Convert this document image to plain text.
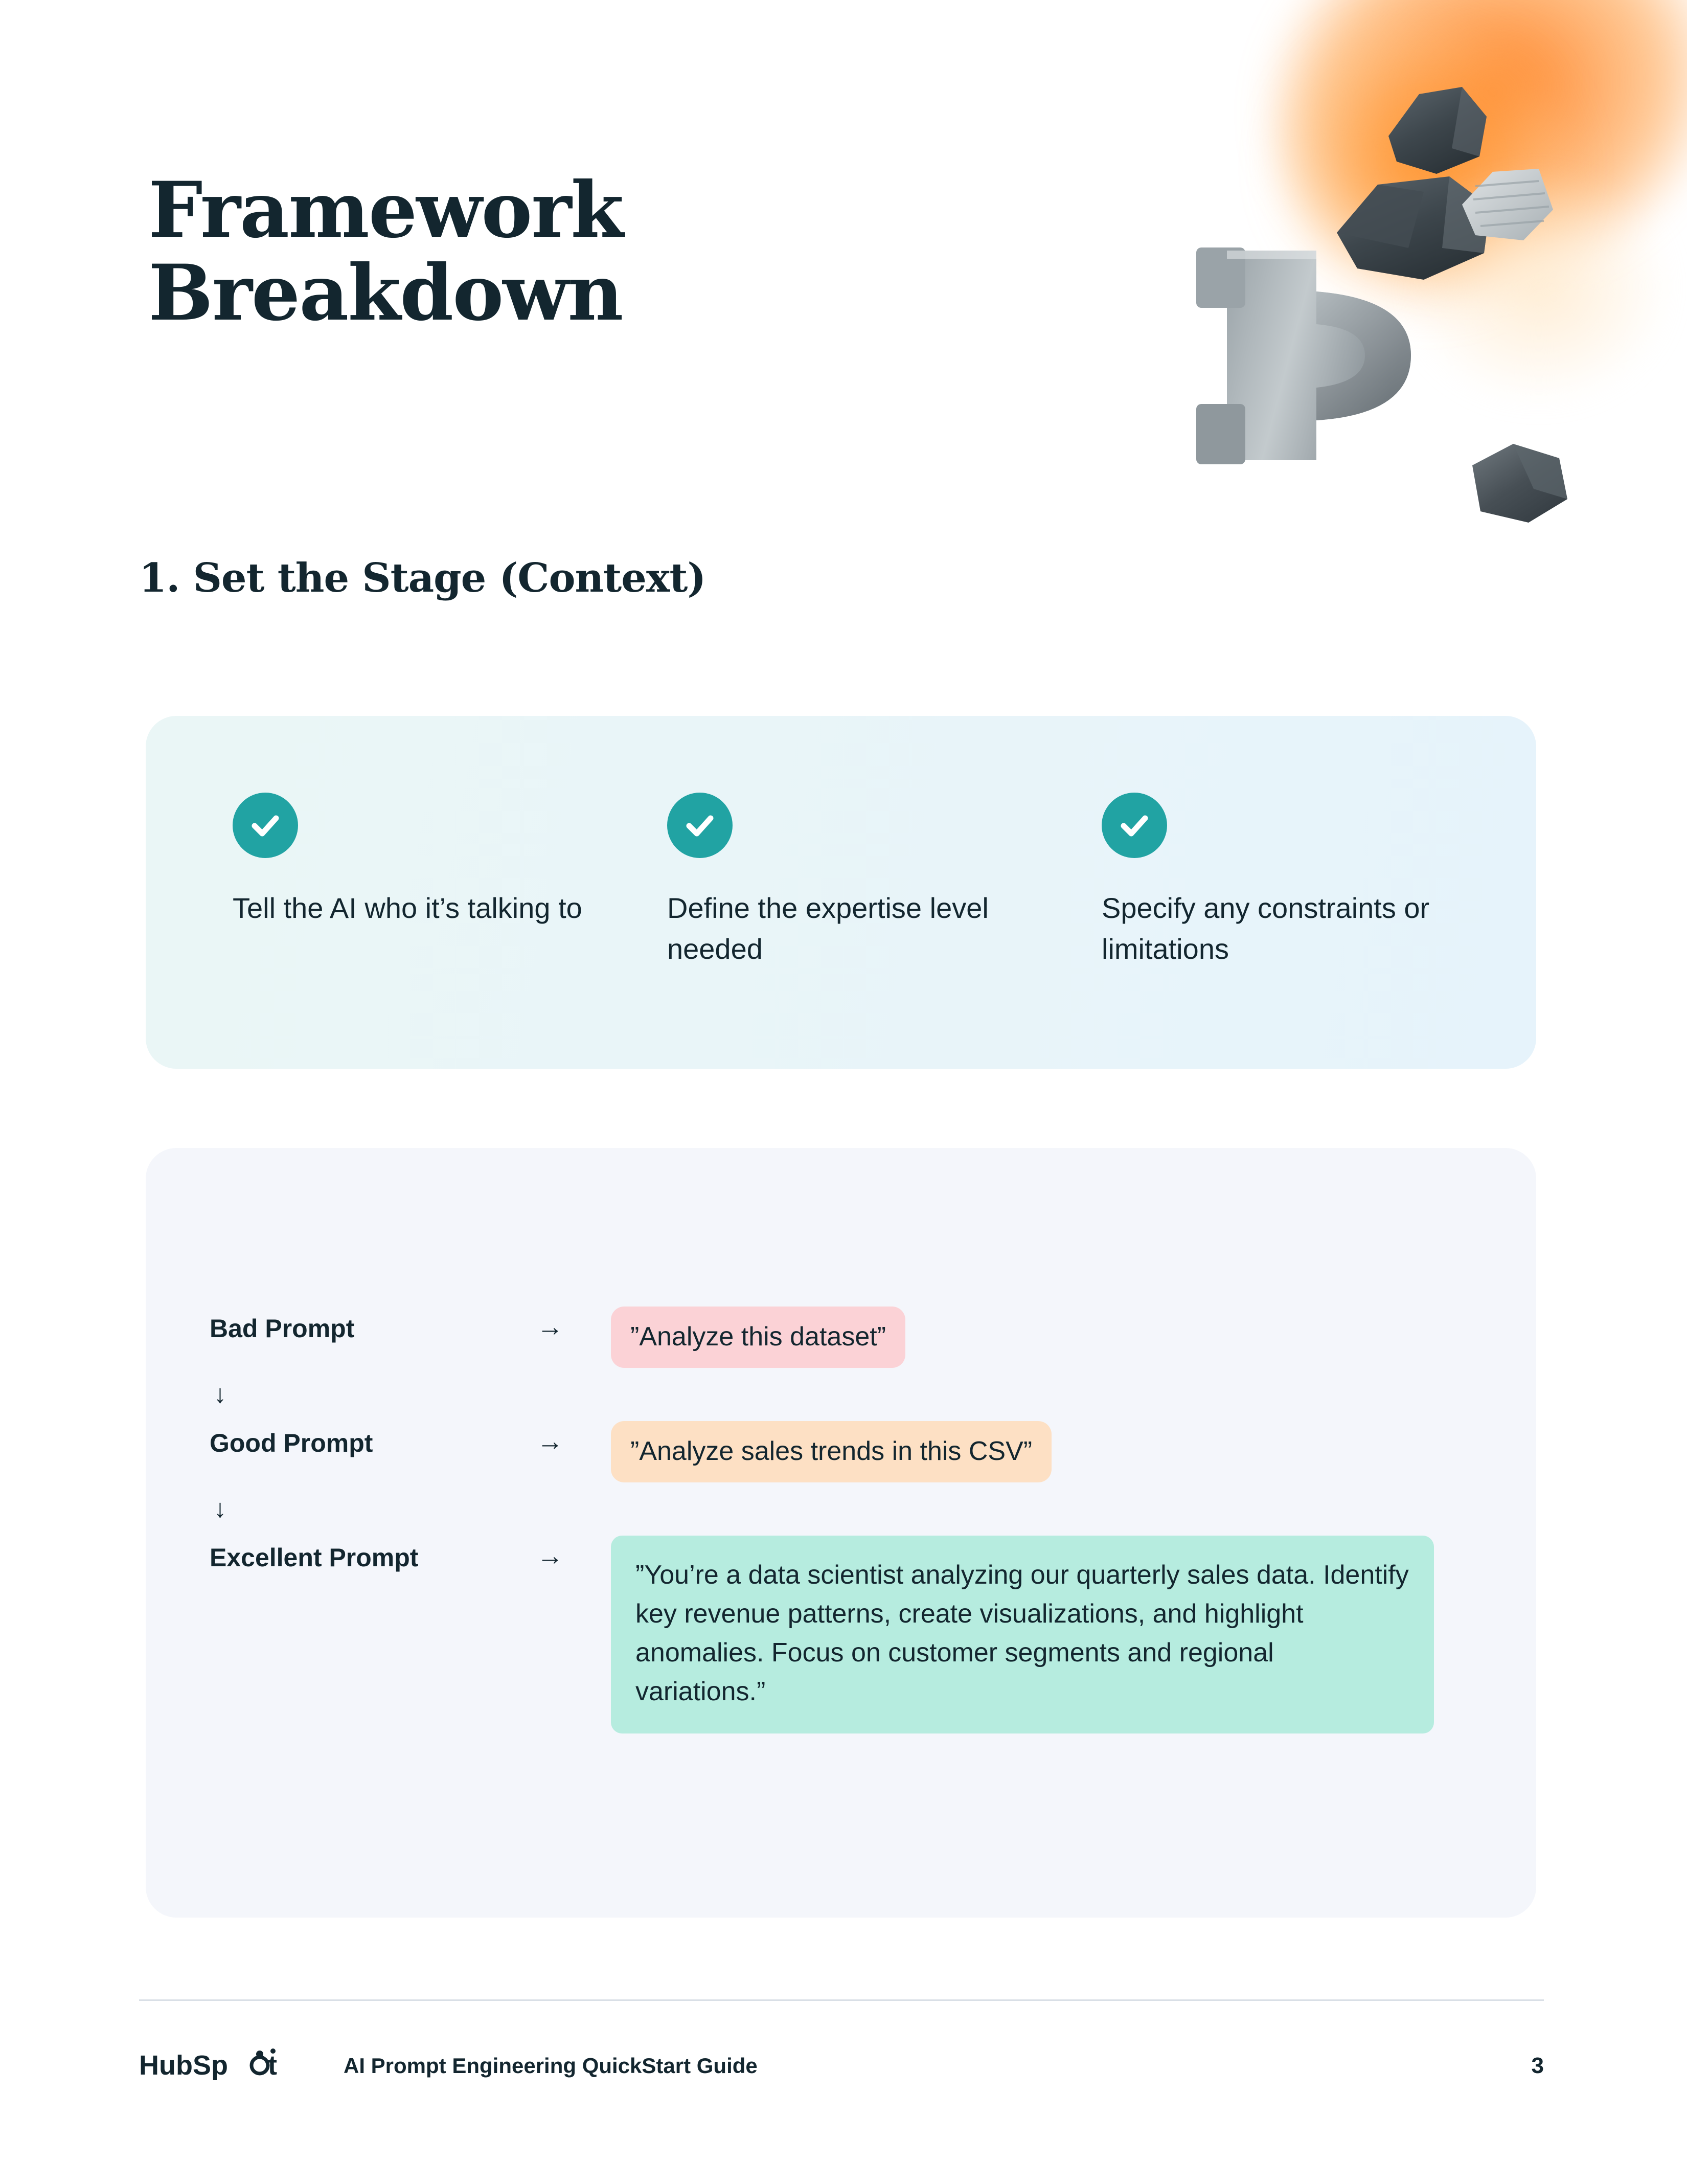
Framework
Breakdown
1. Set the Stage (Context)
Tell the AI who it’s talking to	Define the expertise level needed
Specify any constraints or limitations
Bad Prompt	→	”Analyze this dataset”
↓
Good Prompt	→	”Analyze sales trends in this CSV”
↓
Excellent Prompt	→
”You’re a data scientist analyzing our quarterly sales data. Identify key revenue patterns, create visualizations, and highlight anomalies. Focus on customer segments and regional variations.”
HubSp t	AI Prompt Engineering QuickStart Guide	3
